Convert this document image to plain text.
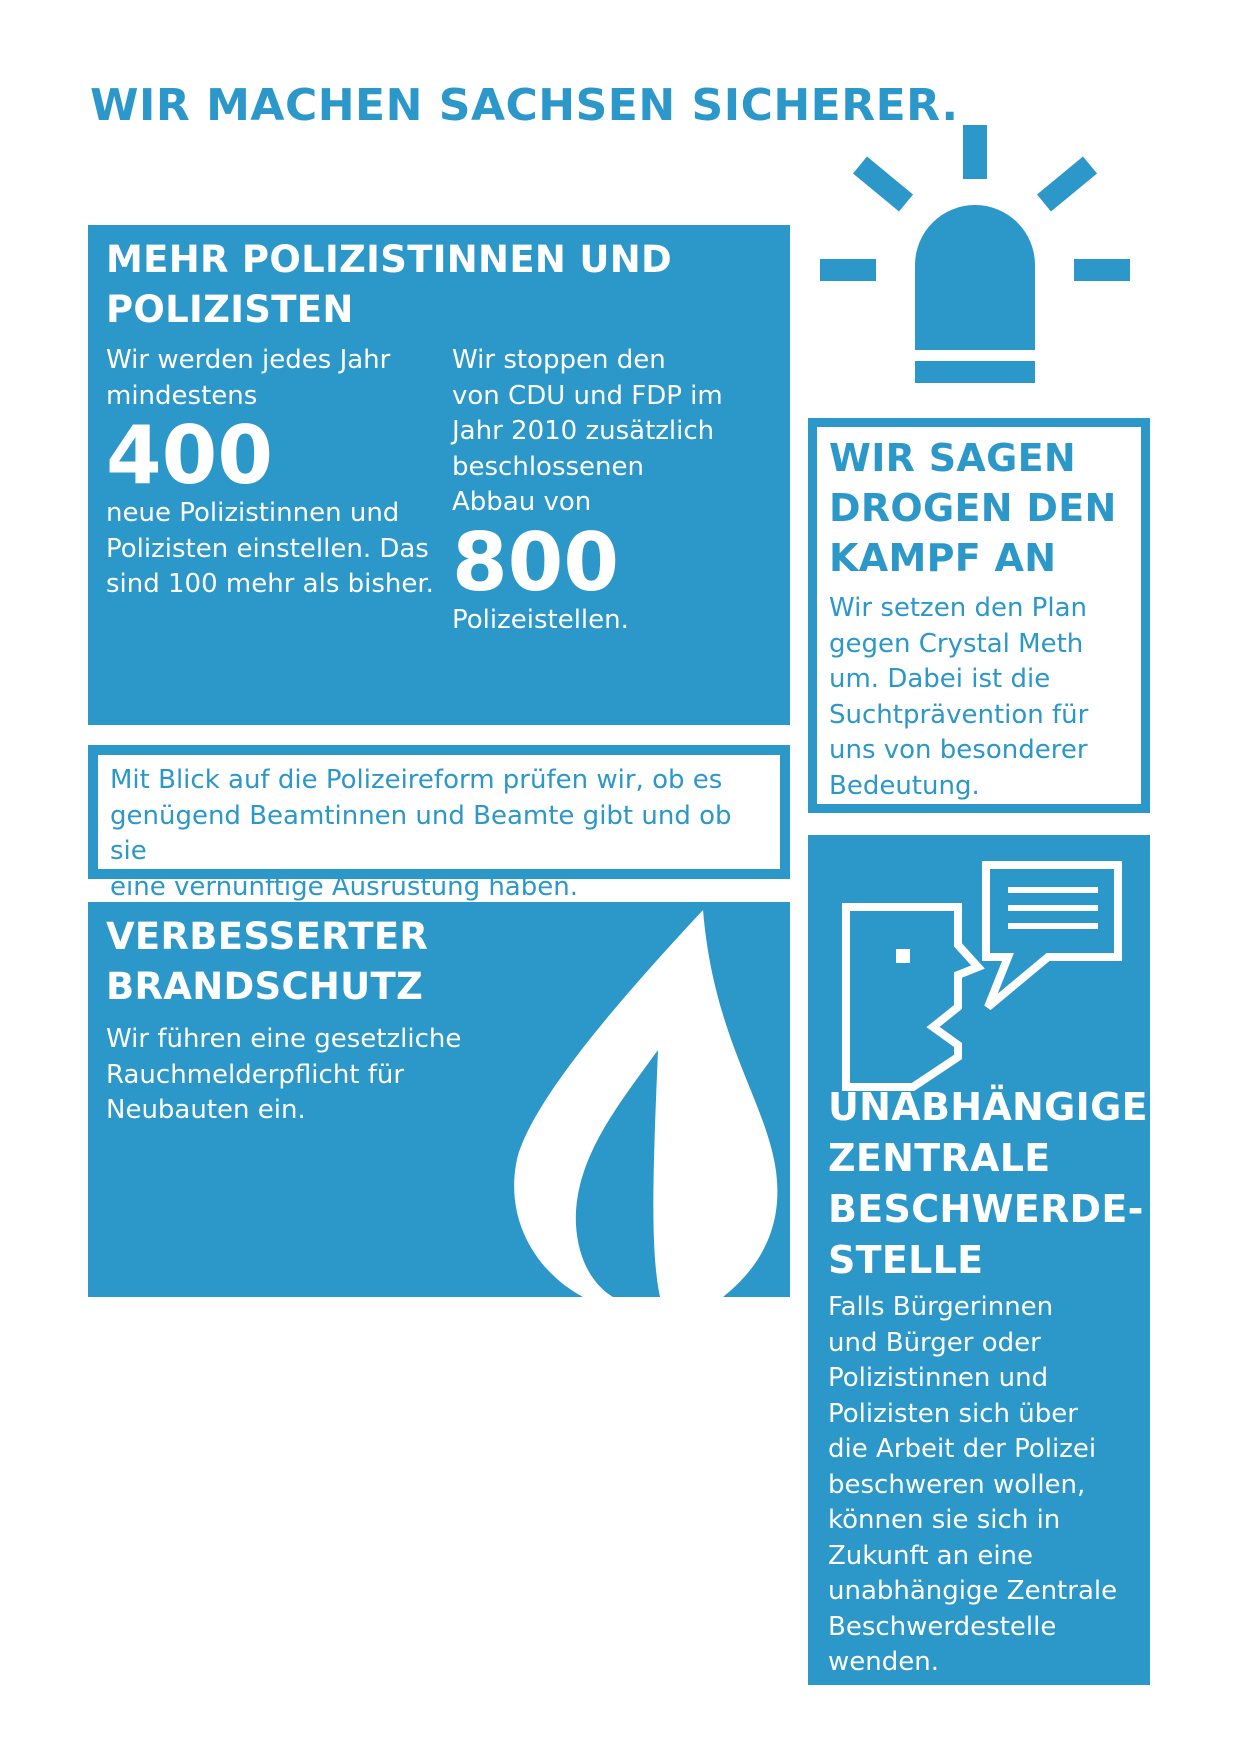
WIR MACHEN SACHSEN SICHERER.

MEHR POLIZISTINNEN UND

POLIZISTEN

Wir werden jedes Jahr

mindestens

400

neue Polizistinnen und

Polizisten einstellen. Das

sind 100 mehr als bisher.

Wir stoppen den

von CDU und FDP im

Jahr 2010 zusätzlich

beschlossenen

Abbau von

800

Polizeistellen.

Mit Blick auf die Polizeireform prüfen wir, ob es

genügend Beamtinnen und Beamte gibt und ob sie

eine vernünftige Ausrüstung haben.

VERBESSERTER

BRANDSCHUTZ

Wir führen eine gesetzliche

Rauchmelderpflicht für

Neubauten ein.

WIR SAGEN

DROGEN DEN

KAMPF AN

Wir setzen den Plan

gegen Crystal Meth

um. Dabei ist die

Suchtprävention für

uns von besonderer

Bedeutung.

UNABHÄNGIGE

ZENTRALE

BESCHWERDE-

STELLE

Falls Bürgerinnen

und Bürger oder

Polizistinnen und

Polizisten sich über

die Arbeit der Polizei

beschweren wollen,

können sie sich in

Zukunft an eine

unabhängige Zentrale

Beschwerdestelle

wenden.
